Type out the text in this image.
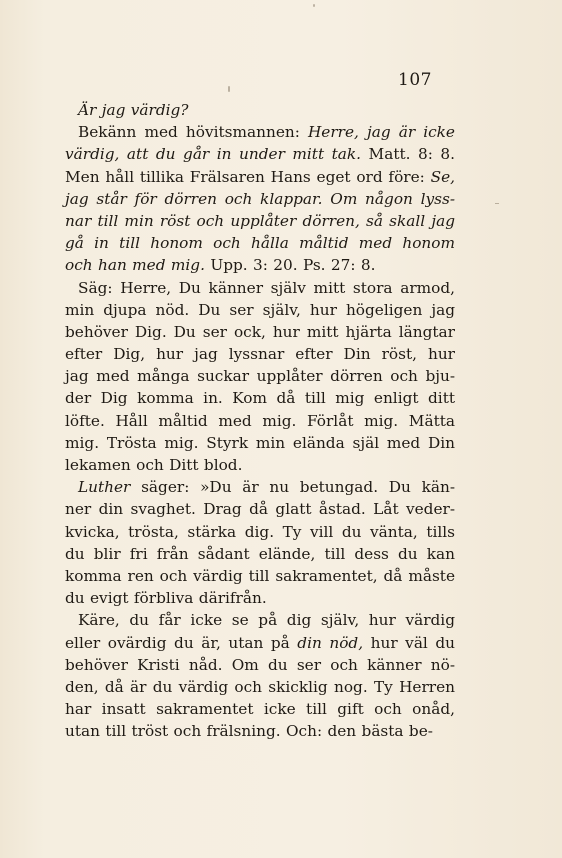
107
Är jag värdig?
Bekänn med hövitsmannen: Herre, jag är icke
värdig, att du går in under mitt tak. Matt. 8: 8.
Men håll tillika Frälsaren Hans eget ord före: Se,
jag står för dörren och klappar. Om någon lyss-
nar till min röst och upplåter dörren, så skall jag
gå in till honom och hålla måltid med honom
och han med mig. Upp. 3: 20. Ps. 27: 8.
Säg: Herre, Du känner själv mitt stora armod,
min djupa nöd. Du ser själv, hur högeligen jag
behöver Dig. Du ser ock, hur mitt hjärta längtar
efter Dig, hur jag lyssnar efter Din röst, hur
jag med många suckar upplåter dörren och bju-
der Dig komma in. Kom då till mig enligt ditt
löfte. Håll måltid med mig. Förlåt mig. Mätta
mig. Trösta mig. Styrk min elända själ med Din
lekamen och Ditt blod.
Luther säger: »Du är nu betungad. Du kän-
ner din svaghet. Drag då glatt åstad. Låt veder-
kvicka, trösta, stärka dig. Ty vill du vänta, tills
du blir fri från sådant elände, till dess du kan
komma ren och värdig till sakramentet, då måste
du evigt förbliva därifrån.
Käre, du får icke se på dig själv, hur värdig
eller ovärdig du är, utan på din nöd, hur väl du
behöver Kristi nåd. Om du ser och känner nö-
den, då är du värdig och skicklig nog. Ty Herren
har insatt sakramentet icke till gift och onåd,
utan till tröst och frälsning. Och: den bästa be-
